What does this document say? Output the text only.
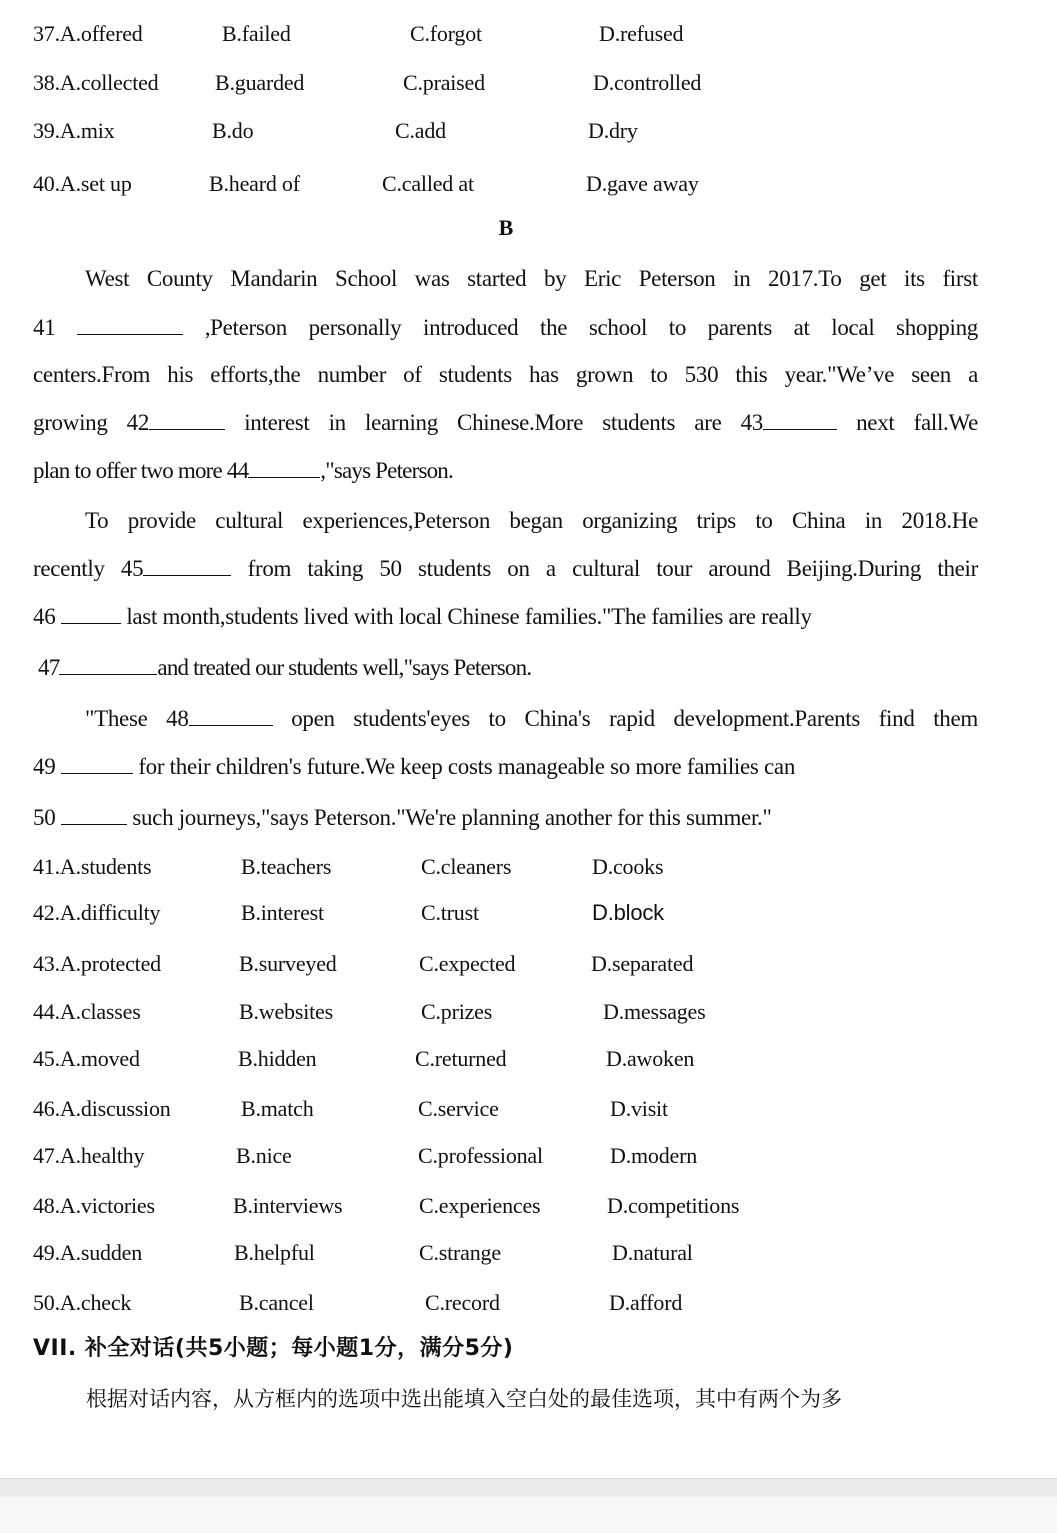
37.A.offered	B.failed	C.forgot	D.refused
38.A.collected	B.guarded	C.praised	D.controlled
39.A.mix	B.do	C.add	D.dry
40.A.set up	B.heard of	C.called at	D.gave away
B
West County Mandarin School was started by Eric Peterson in 2017.To get its first
41	,Peterson personally introduced the school to parents at local shopping
centers.From his efforts,the number of students has grown to 530 this year."We’ve seen a
growing 42	interest in learning Chinese.More students are 43	next fall.We
plan to offer two more 44	,"says Peterson.
To provide cultural experiences,Peterson began organizing trips to China in 2018.He
recently 45	from taking 50 students on a cultural tour around Beijing.During their
46	last month,students lived with local Chinese families."The families are really
47	and treated our students well,"says Peterson.
"These 48	open students'eyes to China's rapid development.Parents find them
49	for their children's future.We keep costs manageable so more families can
50	such journeys,"says Peterson."We're planning another for this summer."
41.A.students	B.teachers	C.cleaners	D.cooks
42.A.difficulty	B.interest	C.trust	D.block
43.A.protected	B.surveyed	C.expected	D.separated
44.A.classes	B.websites	C.prizes	D.messages
45.A.moved	B.hidden	C.returned	D.awoken
46.A.discussion	B.match	C.service	D.visit
47.A.healthy	B.nice	C.professional	D.modern
48.A.victories	B.interviews	C.experiences	D.competitions
49.A.sudden	B.helpful	C.strange	D.natural
50.A.check	B.cancel	C.record	D.afford
VII. 补全对话(共5小题；每小题1分，满分5分)
根据对话内容，从方框内的选项中选出能填入空白处的最佳选项，其中有两个为多
